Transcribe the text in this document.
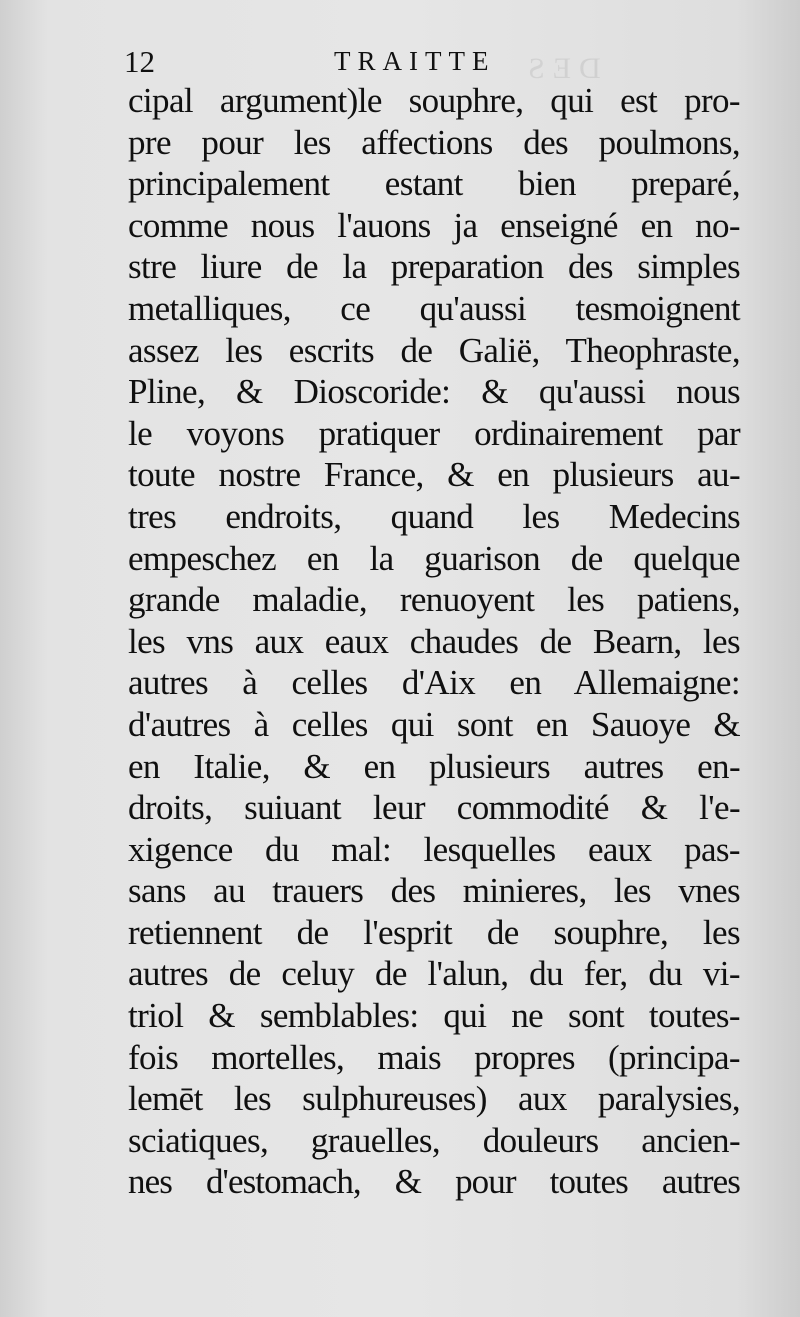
DES
12	TRAITTE
cipal argument)le souphre, qui est pro-
pre pour les affections des poulmons,
principalement estant bien preparé,
comme nous l'auons ja enseigné en no-
stre liure de la preparation des simples
metalliques, ce qu'aussi tesmoignent
assez les escrits de Galië, Theophraste,
Pline, & Dioscoride: & qu'aussi nous
le voyons pratiquer ordinairement par
toute nostre France, & en plusieurs au-
tres endroits, quand les Medecins
empeschez en la guarison de quelque
grande maladie, renuoyent les patiens,
les vns aux eaux chaudes de Bearn, les
autres à celles d'Aix en Allemaigne:
d'autres à celles qui sont en Sauoye &
en Italie, & en plusieurs autres en-
droits, suiuant leur commodité & l'e-
xigence du mal: lesquelles eaux pas-
sans au trauers des minieres, les vnes
retiennent de l'esprit de souphre, les
autres de celuy de l'alun, du fer, du vi-
triol & semblables: qui ne sont toutes-
fois mortelles, mais propres (principa-
lemēt les sulphureuses) aux paralysies,
sciatiques, grauelles, douleurs ancien-
nes d'estomach, & pour toutes autres
